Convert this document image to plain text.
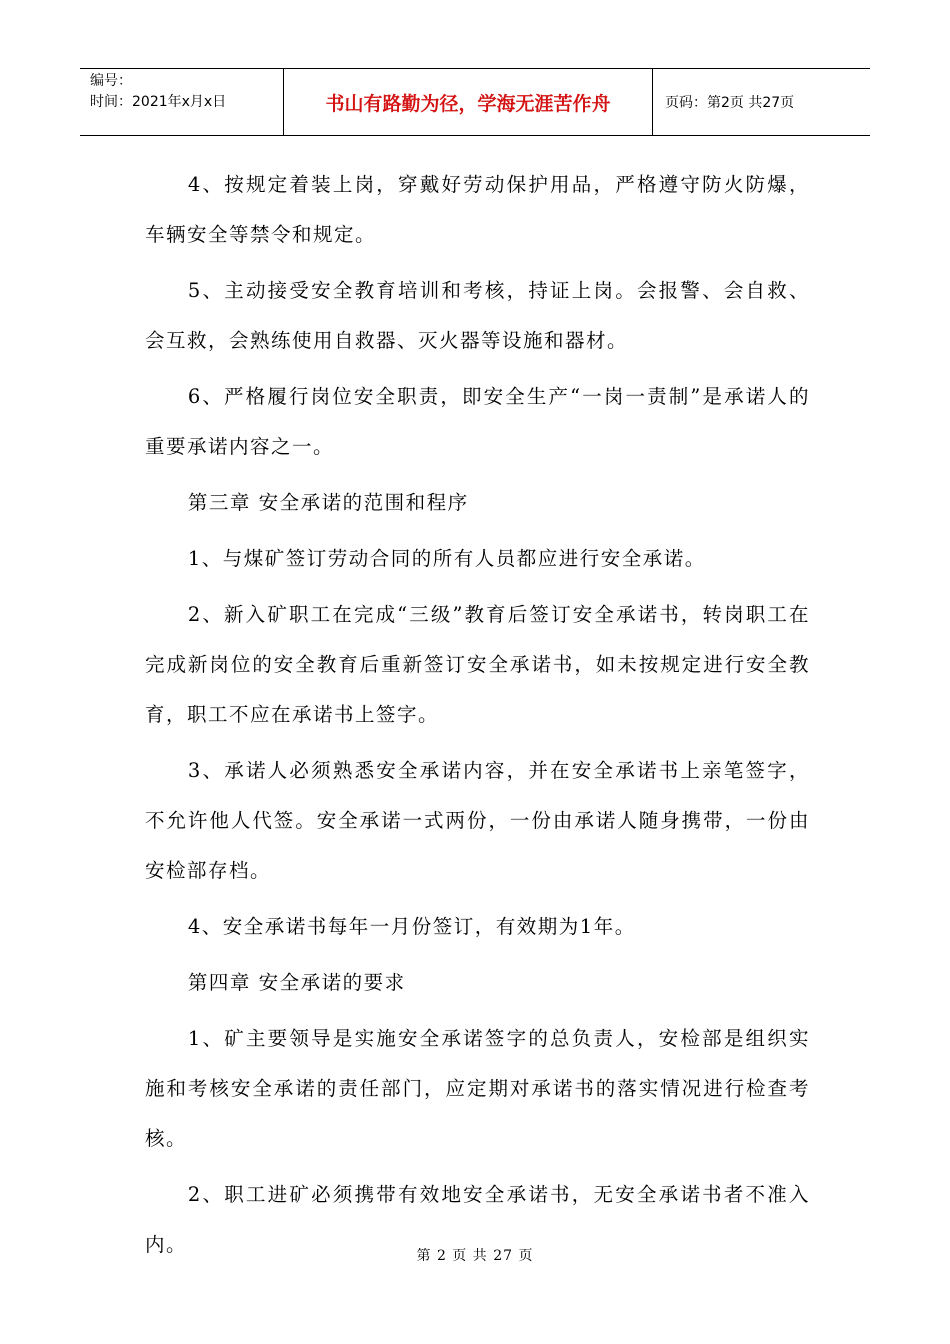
编号：
时间：2021年x月x日	书山有路勤为径，学海无涯苦作舟	页码：第2页 共27页

4、按规定着装上岗，穿戴好劳动保护用品，严格遵守防火防爆，车辆安全等禁令和规定。

5、主动接受安全教育培训和考核，持证上岗。会报警、会自救、会互救，会熟练使用自救器、灭火器等设施和器材。

6、严格履行岗位安全职责，即安全生产“一岗一责制”是承诺人的重要承诺内容之一。

第三章 安全承诺的范围和程序

1、与煤矿签订劳动合同的所有人员都应进行安全承诺。

2、新入矿职工在完成“三级”教育后签订安全承诺书，转岗职工在完成新岗位的安全教育后重新签订安全承诺书，如未按规定进行安全教育，职工不应在承诺书上签字。

3、承诺人必须熟悉安全承诺内容，并在安全承诺书上亲笔签字，不允许他人代签。安全承诺一式两份，一份由承诺人随身携带，一份由安检部存档。

4、安全承诺书每年一月份签订，有效期为1年。

第四章 安全承诺的要求

1、矿主要领导是实施安全承诺签字的总负责人，安检部是组织实施和考核安全承诺的责任部门，应定期对承诺书的落实情况进行检查考核。

2、职工进矿必须携带有效地安全承诺书，无安全承诺书者不准入内。	第 2 页 共 27 页
